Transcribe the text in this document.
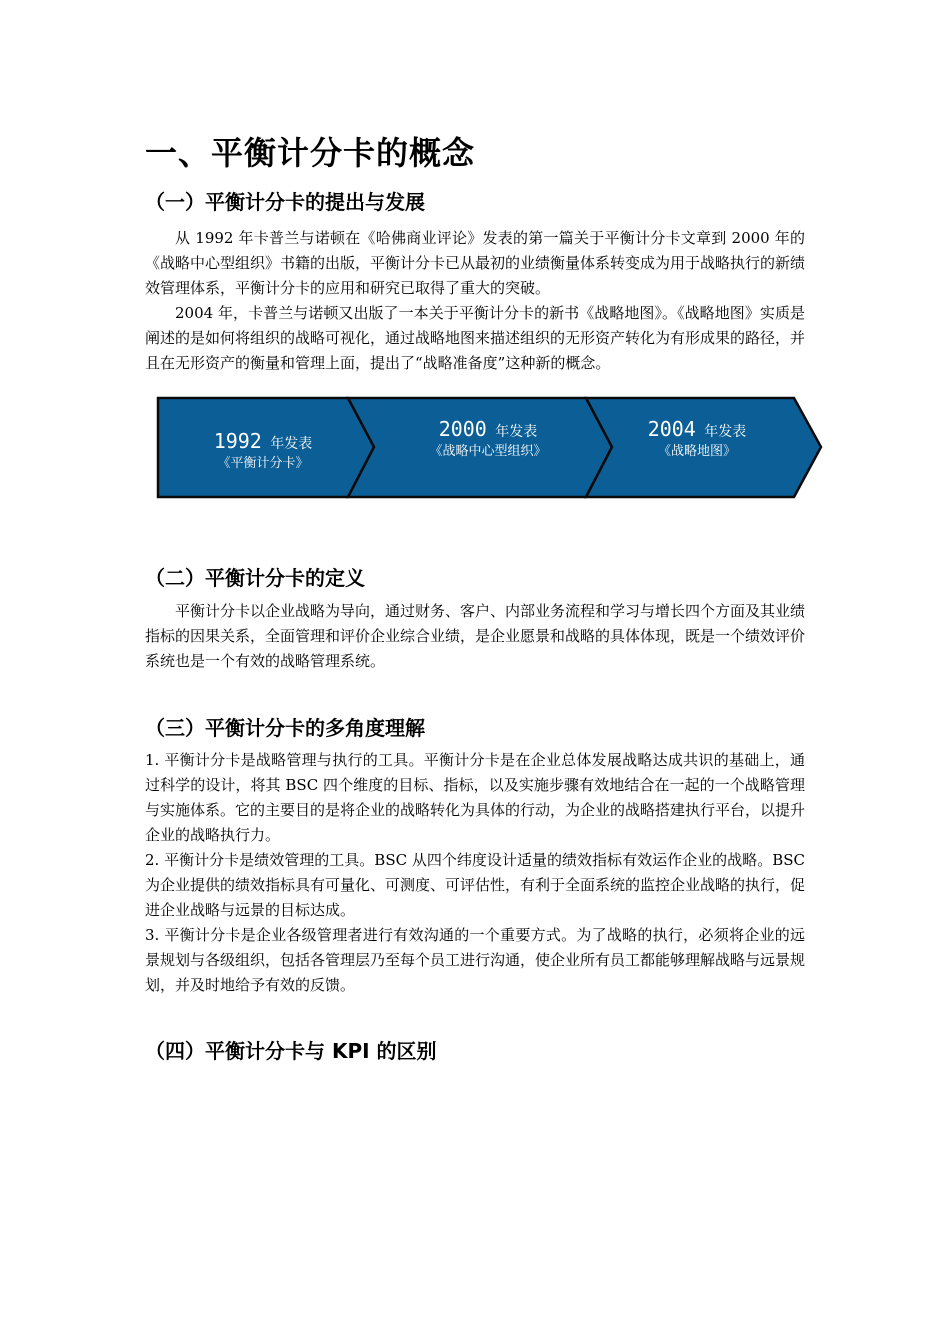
一、平衡计分卡的概念
（一）平衡计分卡的提出与发展

从 1992 年卡普兰与诺顿在《哈佛商业评论》发表的第一篇关于平衡计分卡文章到 2000 年的《战略中心型组织》书籍的出版，平衡计分卡已从最初的业绩衡量体系转变成为用于战略执行的新绩效管理体系，平衡计分卡的应用和研究已取得了重大的突破。

2004 年，卡普兰与诺顿又出版了一本关于平衡计分卡的新书《战略地图》。《战略地图》实质是阐述的是如何将组织的战略可视化，通过战略地图来描述组织的无形资产转化为有形成果的路径，并且在无形资产的衡量和管理上面，提出了“战略准备度”这种新的概念。

1992 年发表
《平衡计分卡》
2000 年发表
《战略中心型组织》
2004 年发表
《战略地图》
（二）平衡计分卡的定义

平衡计分卡以企业战略为导向，通过财务、客户、内部业务流程和学习与增长四个方面及其业绩指标的因果关系，全面管理和评价企业综合业绩，是企业愿景和战略的具体体现，既是一个绩效评价系统也是一个有效的战略管理系统。

（三）平衡计分卡的多角度理解

1. 平衡计分卡是战略管理与执行的工具。平衡计分卡是在企业总体发展战略达成共识的基础上，通过科学的设计，将其 BSC 四个维度的目标、指标，以及实施步骤有效地结合在一起的一个战略管理与实施体系。它的主要目的是将企业的战略转化为具体的行动，为企业的战略搭建执行平台，以提升企业的战略执行力。

2. 平衡计分卡是绩效管理的工具。BSC 从四个纬度设计适量的绩效指标有效运作企业的战略。BSC 为企业提供的绩效指标具有可量化、可测度、可评估性，有利于全面系统的监控企业战略的执行，促进企业战略与远景的目标达成。

3. 平衡计分卡是企业各级管理者进行有效沟通的一个重要方式。为了战略的执行，必须将企业的远景规划与各级组织，包括各管理层乃至每个员工进行沟通，使企业所有员工都能够理解战略与远景规划，并及时地给予有效的反馈。

（四）平衡计分卡与 KPI 的区别
